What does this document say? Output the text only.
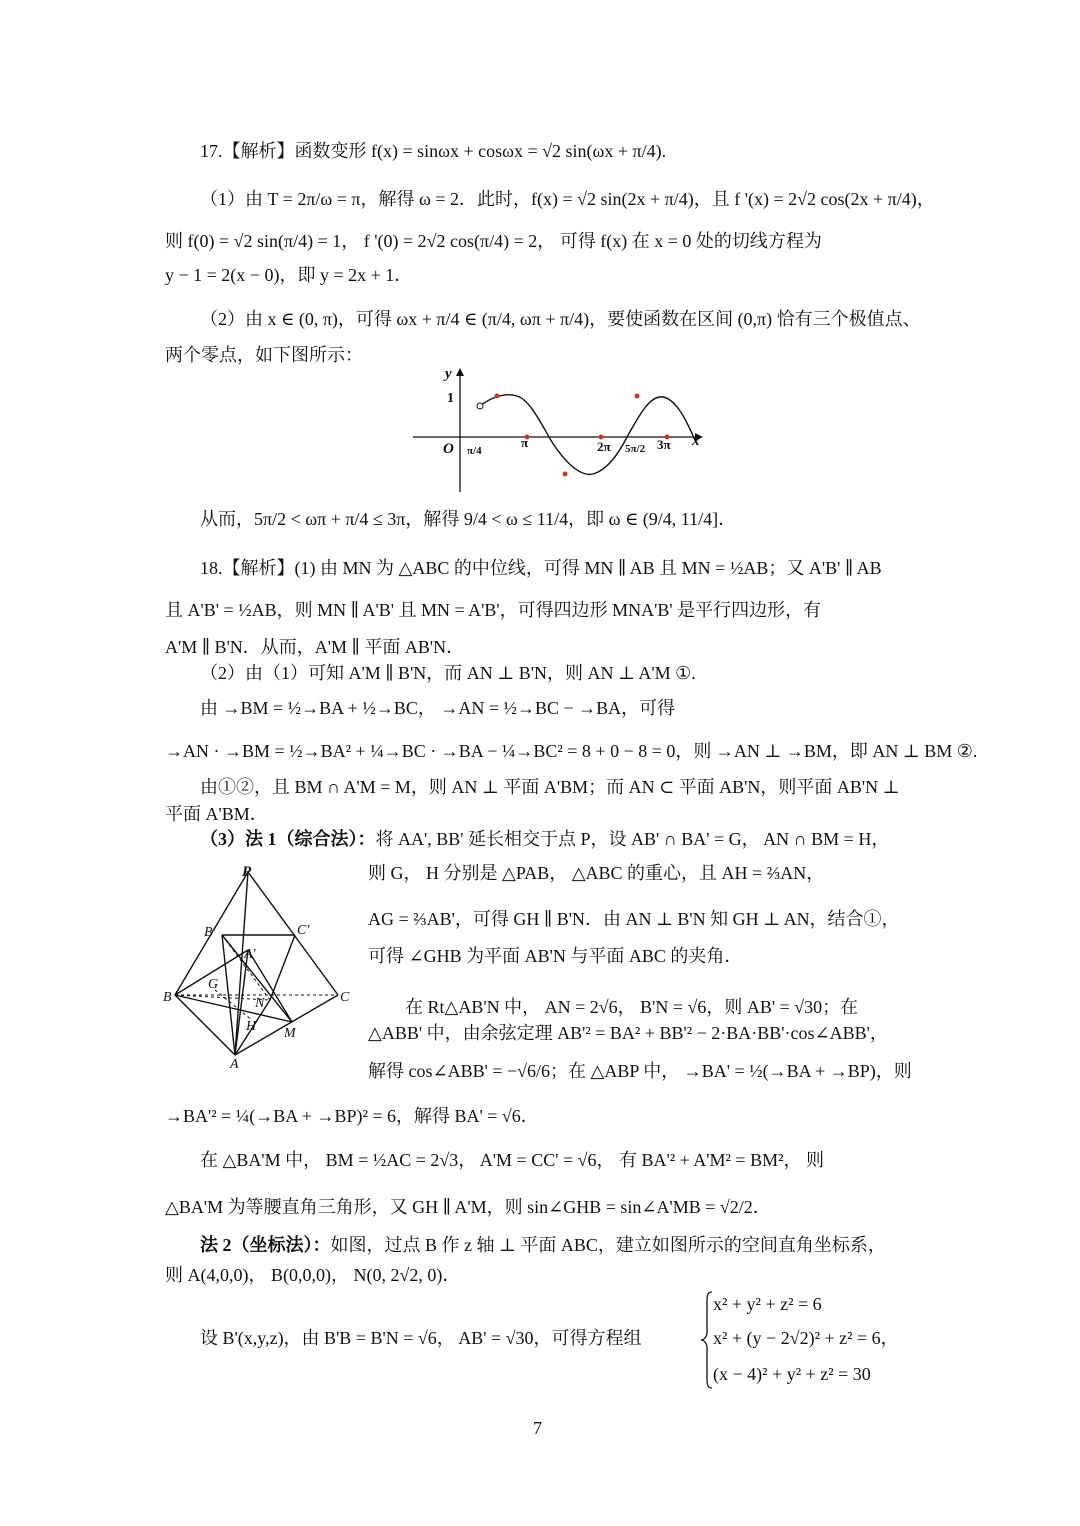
17.【解析】函数变形 f(x) = sinωx + cosωx = √2 sin(ωx + π/4).
（1）由 T = 2π/ω = π，解得 ω = 2．此时，f(x) = √2 sin(2x + π/4)，且 f '(x) = 2√2 cos(2x + π/4)，
则 f(0) = √2 sin(π/4) = 1， f '(0) = 2√2 cos(π/4) = 2， 可得 f(x) 在 x = 0 处的切线方程为
y − 1 = 2(x − 0)，即 y = 2x + 1．
（2）由 x ∈ (0, π)，可得 ωx + π/4 ∈ (π/4, ωπ + π/4)，要使函数在区间 (0,π) 恰有三个极值点、
两个零点，如下图所示：
y
x
O
1
π/4
π	2π 5π/2 3π
从而，5π/2 < ωπ + π/4 ≤ 3π，解得 9/4 < ω ≤ 11/4，即 ω ∈ (9/4, 11/4]．
18.【解析】(1) 由 MN 为 △ABC 的中位线，可得 MN ∥ AB 且 MN = ½AB；又 A'B' ∥ AB
且 A'B' = ½AB，则 MN ∥ A'B' 且 MN = A'B'，可得四边形 MNA'B' 是平行四边形，有
A'M ∥ B'N．从而，A'M ∥ 平面 AB'N．
（2）由（1）可知 A'M ∥ B'N，而 AN ⊥ B'N，则 AN ⊥ A'M ①.
由 →BM = ½→BA + ½→BC， →AN = ½→BC − →BA，可得
→AN · →BM = ½→BA² + ¼→BC · →BA − ¼→BC² = 8 + 0 − 8 = 0，则 →AN ⊥ →BM，即 AN ⊥ BM ②.
由①②，且 BM ∩ A'M = M，则 AN ⊥ 平面 A'BM；而 AN ⊂ 平面 AB'N，则平面 AB'N ⊥
平面 A'BM．
（3）法 1（综合法）：将 AA', BB' 延长相交于点 P，设 AB' ∩ BA' = G， AN ∩ BM = H，
P
B'	C'
A'
B	C
G
N
H M
A
则 G， H 分别是 △PAB， △ABC 的重心，且 AH = ⅔AN，
AG = ⅔AB'，可得 GH ∥ B'N．由 AN ⊥ B'N 知 GH ⊥ AN，结合①，
可得 ∠GHB 为平面 AB'N 与平面 ABC 的夹角．
在 Rt△AB'N 中， AN = 2√6， B'N = √6，则 AB' = √30；在
△ABB' 中，由余弦定理 AB'² = BA² + BB'² − 2·BA·BB'·cos∠ABB'，
解得 cos∠ABB' = −√6/6；在 △ABP 中， →BA' = ½(→BA + →BP)，则
→BA'² = ¼(→BA + →BP)² = 6，解得 BA' = √6．
在 △BA'M 中， BM = ½AC = 2√3， A'M = CC' = √6， 有 BA'² + A'M² = BM²， 则
△BA'M 为等腰直角三角形，又 GH ∥ A'M，则 sin∠GHB = sin∠A'MB = √2/2．
法 2（坐标法）：如图，过点 B 作 z 轴 ⊥ 平面 ABC，建立如图所示的空间直角坐标系，
则 A(4,0,0)， B(0,0,0)， N(0, 2√2, 0)．
设 B'(x,y,z)，由 B'B = B'N = √6， AB' = √30，可得方程组
x² + y² + z² = 6
x² + (y − 2√2)² + z² = 6，
(x − 4)² + y² + z² = 30
7
